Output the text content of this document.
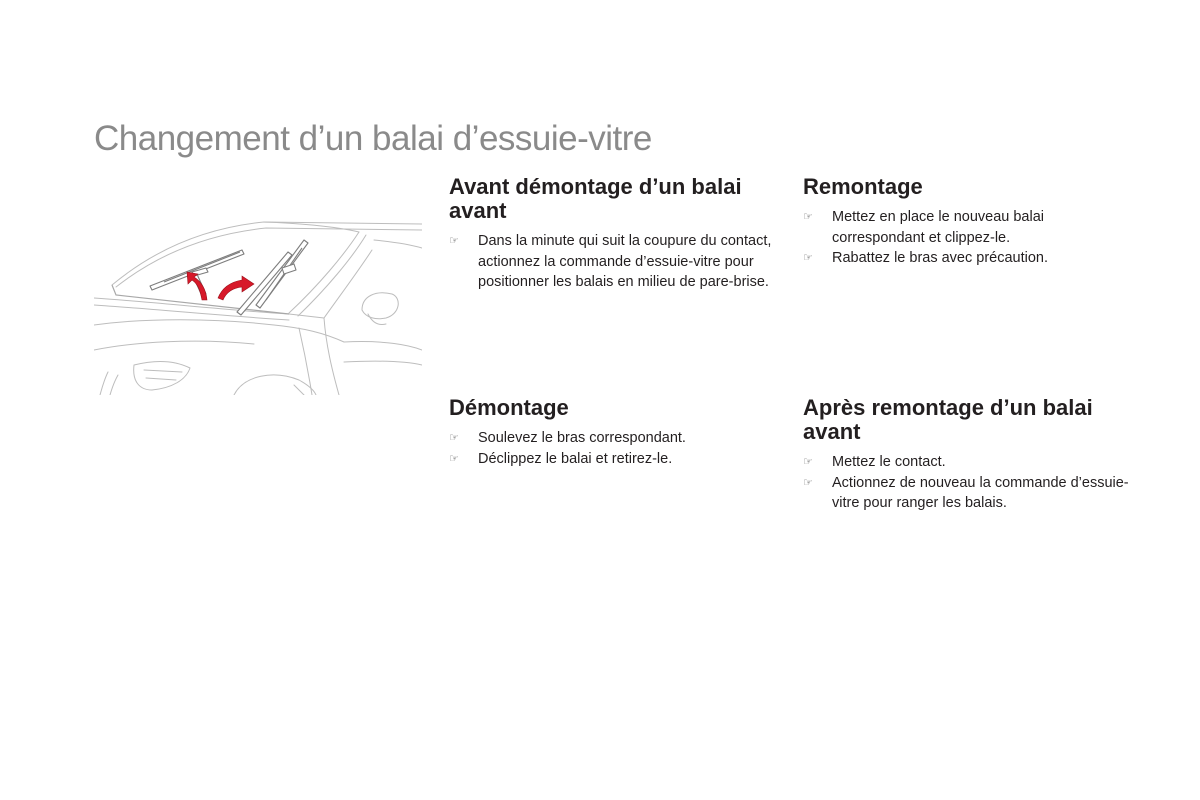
Changement d’un balai d’essuie-vitre
Avant démontage d’un balai avant
☞ Dans la minute qui suit la coupure du contact, actionnez la commande d’essuie-vitre pour positionner les balais en milieu de pare-brise.
Remontage
☞ Mettez en place le nouveau balai correspondant et clippez-le.
☞ Rabattez le bras avec précaution.
Démontage
☞ Soulevez le bras correspondant.
☞ Déclippez le balai et retirez-le.
Après remontage d’un balai avant
☞ Mettez le contact.
☞ Actionnez de nouveau la commande d’essuie-vitre pour ranger les balais.
